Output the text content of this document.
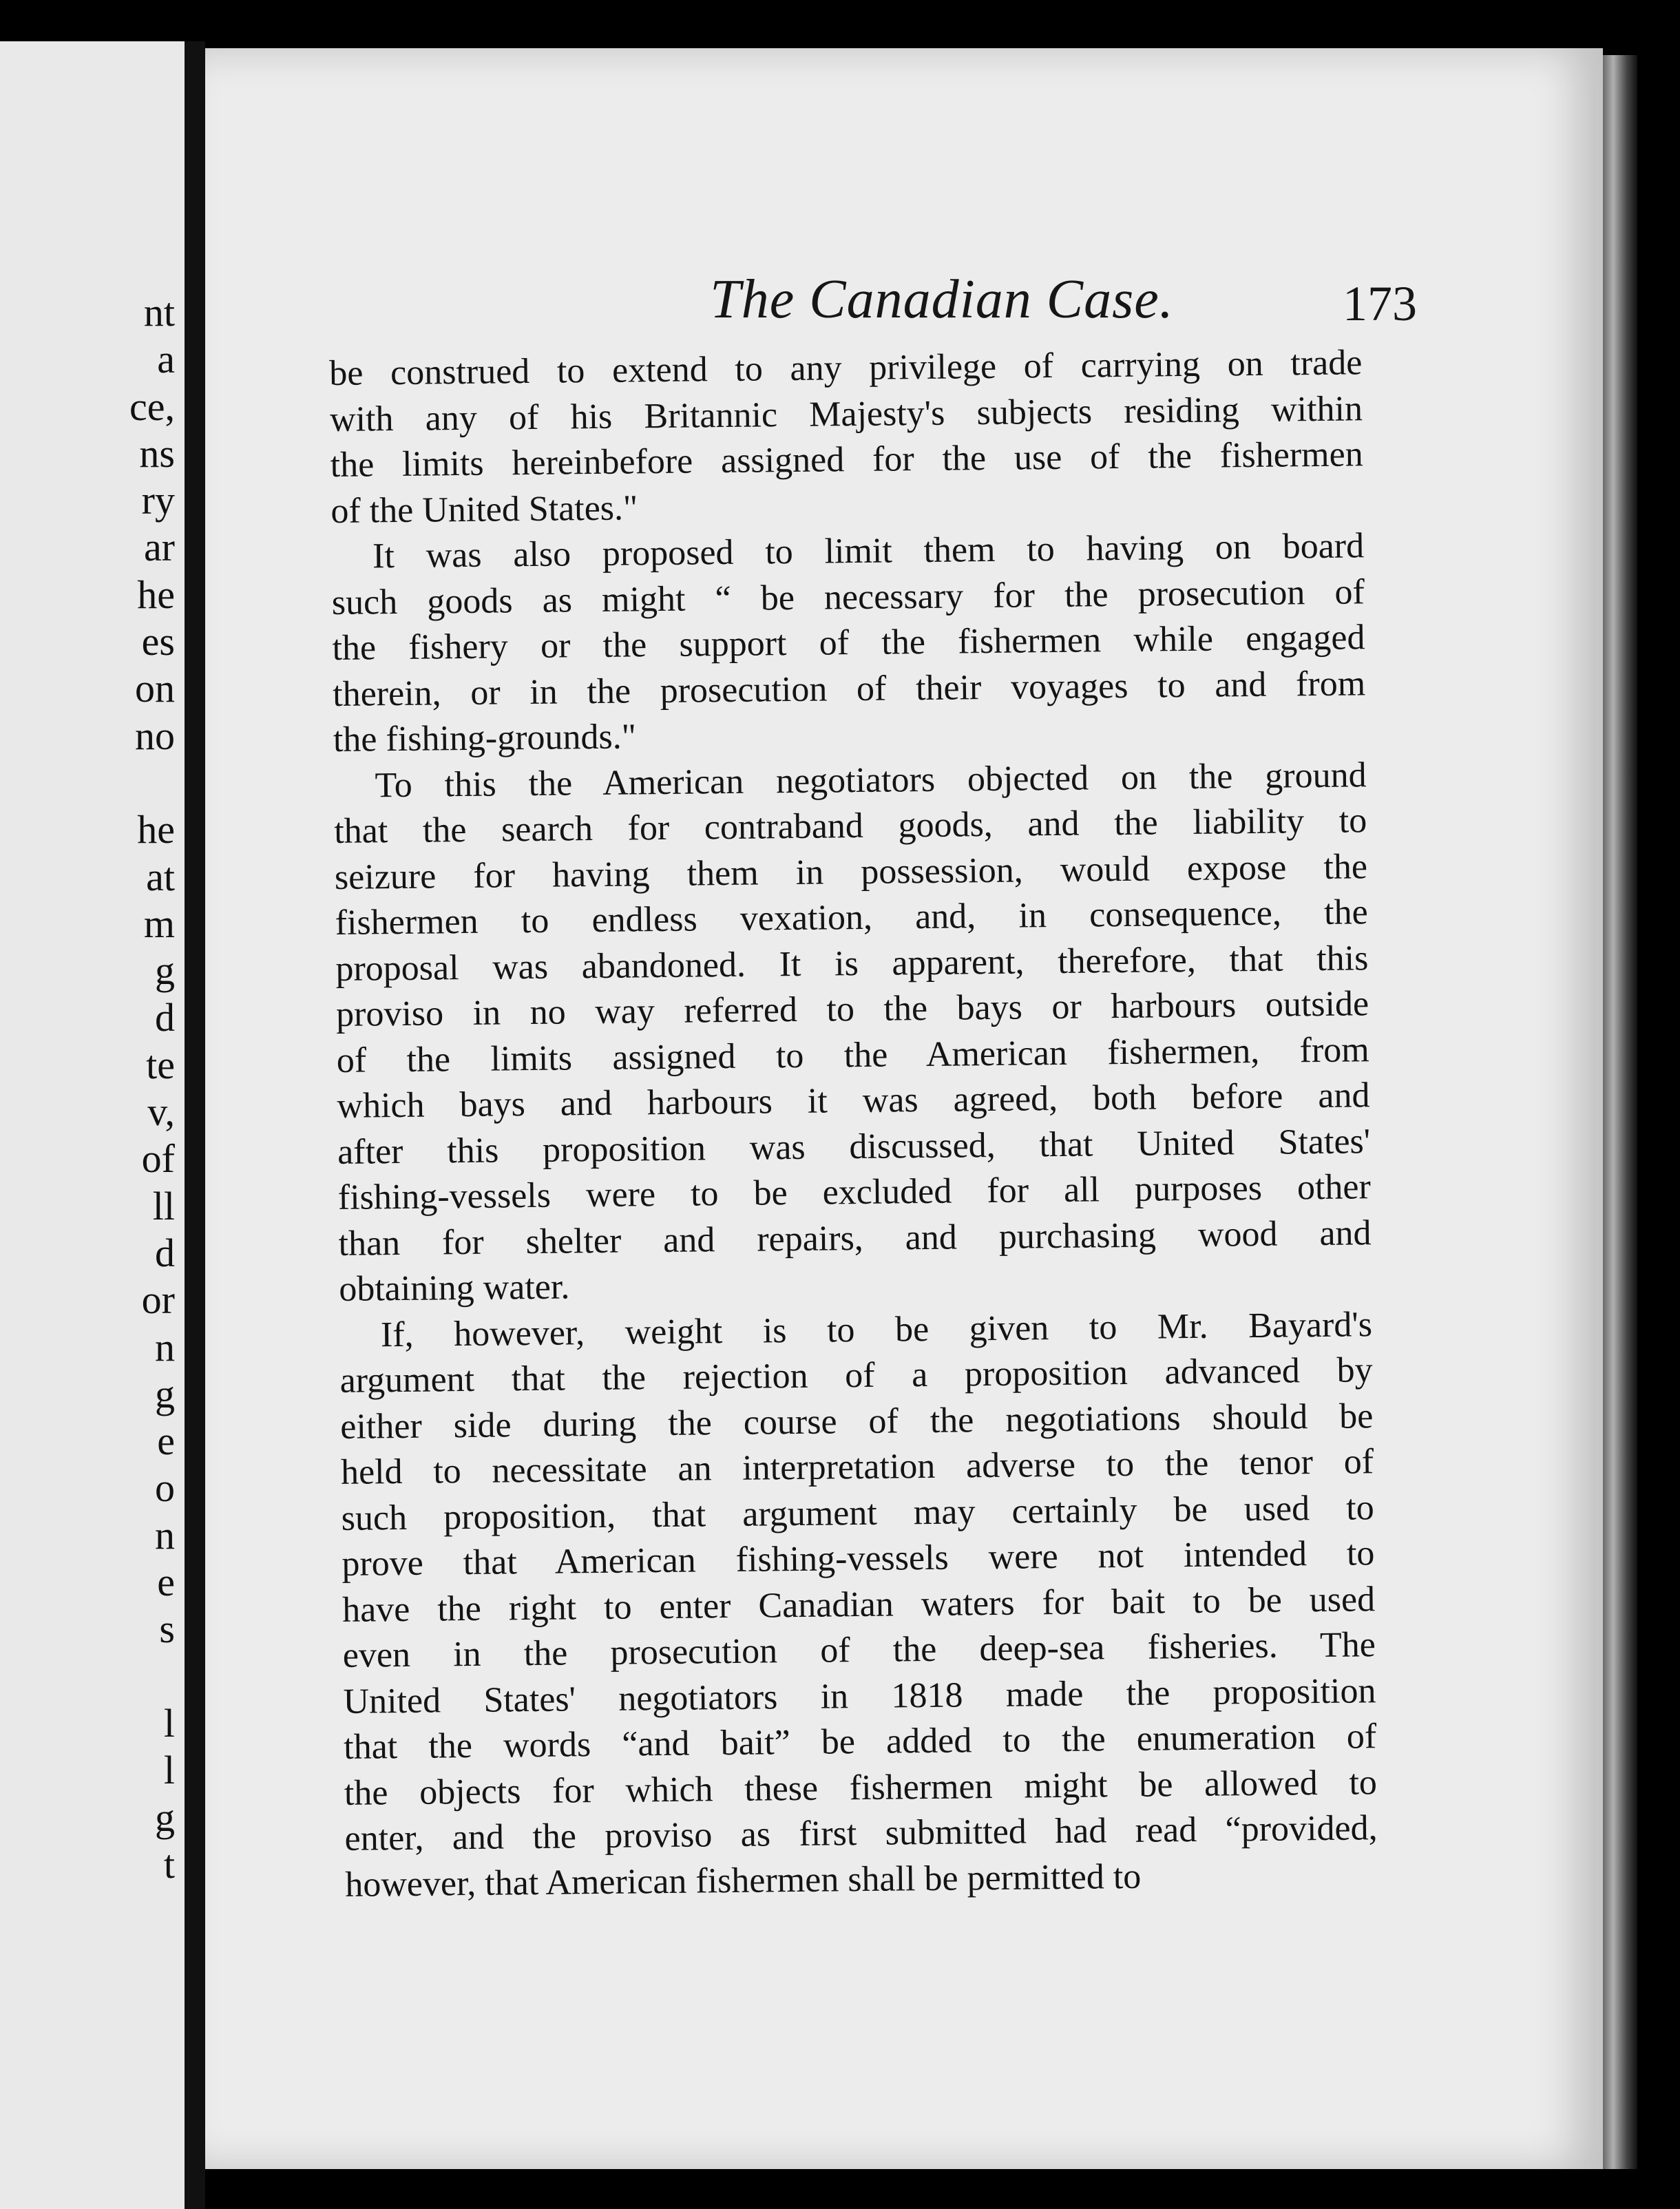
nt
a
ce,
ns
ry
ar
he
es
on
no
he
at
m
g
d
te
v,
of
ll
d
or
n
g
e
o
n
e
s
l
l
g
t
The Canadian Case.	173

be construed to extend to any privilege of carrying on trade
with any of his Britannic Majesty's subjects residing within
the limits hereinbefore assigned for the use of the fishermen
of the United States."

It was also proposed to limit them to having on board
such goods as might “ be necessary for the prosecution of
the fishery or the support of the fishermen while engaged
therein, or in the prosecution of their voyages to and from
the fishing-grounds."

To this the American negotiators objected on the ground
that the search for contraband goods, and the liability to
seizure for having them in possession, would expose the
fishermen to endless vexation, and, in consequence, the
proposal was abandoned. It is apparent, therefore, that this
proviso in no way referred to the bays or harbours outside
of the limits assigned to the American fishermen, from
which bays and harbours it was agreed, both before and
after this proposition was discussed, that United States'
fishing-vessels were to be excluded for all purposes other
than for shelter and repairs, and purchasing wood and
obtaining water.

If, however, weight is to be given to Mr. Bayard's
argument that the rejection of a proposition advanced by
either side during the course of the negotiations should be
held to necessitate an interpretation adverse to the tenor of
such proposition, that argument may certainly be used to
prove that American fishing-vessels were not intended to
have the right to enter Canadian waters for bait to be used
even in the prosecution of the deep-sea fisheries. The
United States' negotiators in 1818 made the proposition
that the words “and bait” be added to the enumeration of
the objects for which these fishermen might be allowed to
enter, and the proviso as first submitted had read “provided,
however, that American fishermen shall be permitted to
